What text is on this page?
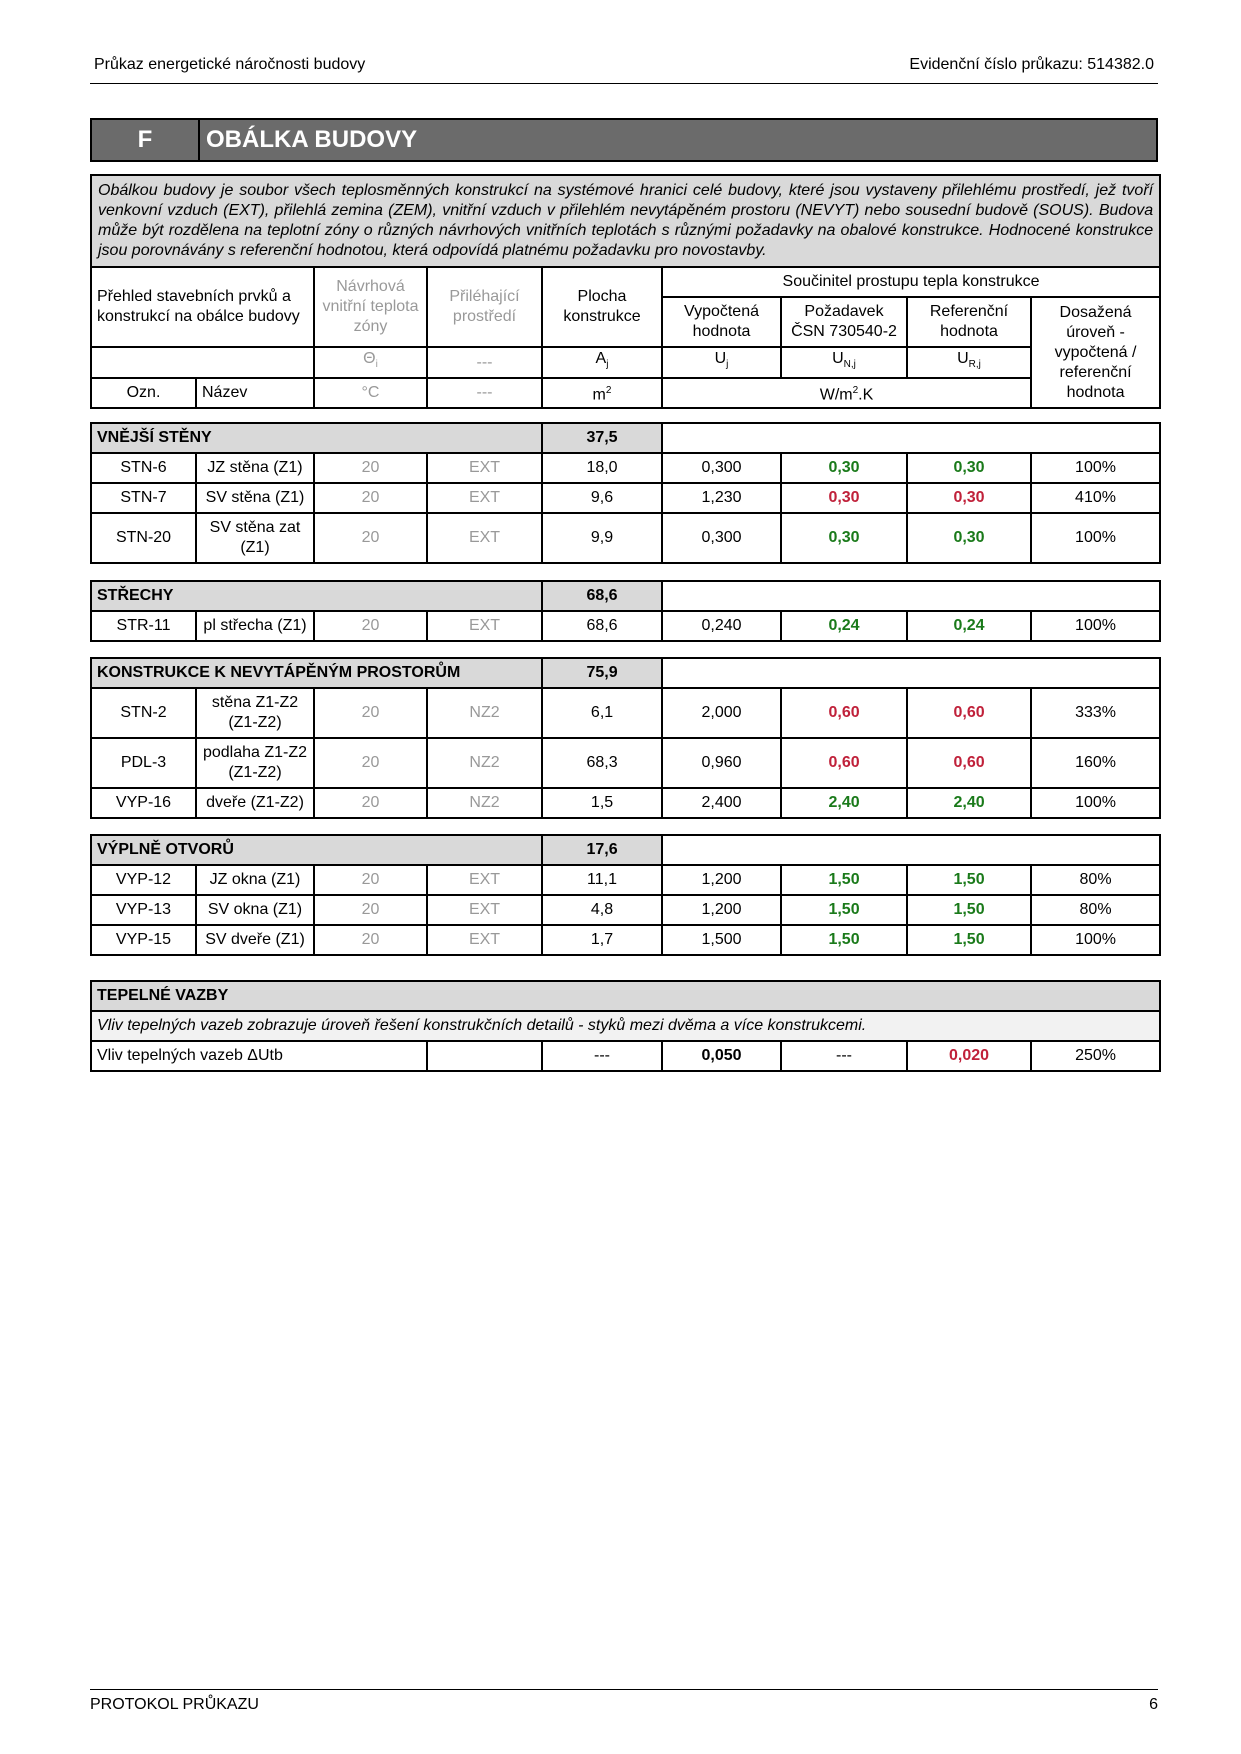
Průkaz energetické náročnosti budovy	Evidenční číslo průkazu: 514382.0
F	OBÁLKA BUDOVY
Obálkou budovy je soubor všech teplosměnných konstrukcí na systémové hranici celé budovy, které jsou vystaveny přilehlému prostředí, jež tvoří venkovní vzduch (EXT), přilehlá zemina (ZEM), vnitřní vzduch v přilehlém nevytápěném prostoru (NEVYT) nebo sousední budově (SOUS). Budova může být rozdělena na teplotní zóny o různých návrhových vnitřních teplotách s různými požadavky na obalové konstrukce. Hodnocené konstrukce jsou porovnávány s referenční hodnotou, která odpovídá platnému požadavku pro novostavby.								
Přehled stavebních prvků a konstrukcí na obálce budovy		Návrhová vnitřní teplota zóny	Přiléhající prostředí	Plocha konstrukce	Součinitel prostupu tepla konstrukce			
					Vypočtená hodnota	Požadavek ČSN 730540-2	Referenční hodnota	Dosažená úroveň - vypočtená / referenční hodnota
		$\Theta_i$	---	$A_j$	$U_j$	$U_{N,j}$	$U_{R,j}$
Ozn.	Název	°C	---	$m^2$	$W/m^2.K$			
VNĚJŠÍ STĚNY				37,5				
STN-6	JZ stěna (Z1)	20	EXT	18,0	0,300	0,30	0,30	100%
STN-7	SV stěna (Z1)	20	EXT	9,6	1,230	0,30	0,30	410%
STN-20	SV stěna zat (Z1)	20	EXT	9,9	0,300	0,30	0,30	100%
STŘECHY				68,6				
STR-11	pl střecha (Z1)	20	EXT	68,6	0,240	0,24	0,24	100%
KONSTRUKCE K NEVYTÁPĚNÝM PROSTORŮM				75,9				
STN-2	stěna Z1-Z2 (Z1-Z2)	20	NZ2	6,1	2,000	0,60	0,60	333%
PDL-3	podlaha Z1-Z2 (Z1-Z2)	20	NZ2	68,3	0,960	0,60	0,60	160%
VYP-16	dveře (Z1-Z2)	20	NZ2	1,5	2,400	2,40	2,40	100%
VÝPLNĚ OTVORŮ				17,6				
VYP-12	JZ okna (Z1)	20	EXT	11,1	1,200	1,50	1,50	80%
VYP-13	SV okna (Z1)	20	EXT	4,8	1,200	1,50	1,50	80%
VYP-15	SV dveře (Z1)	20	EXT	1,7	1,500	1,50	1,50	100%
TEPELNÉ VAZBY
Vliv tepelných vazeb zobrazuje úroveň řešení konstrukčních detailů - styků mezi dvěma a více konstrukcemi.
Vliv tepelných vazeb ΔUtb		---	0,050	---	0,020	250%
PROTOKOL PRŮKAZU	6
